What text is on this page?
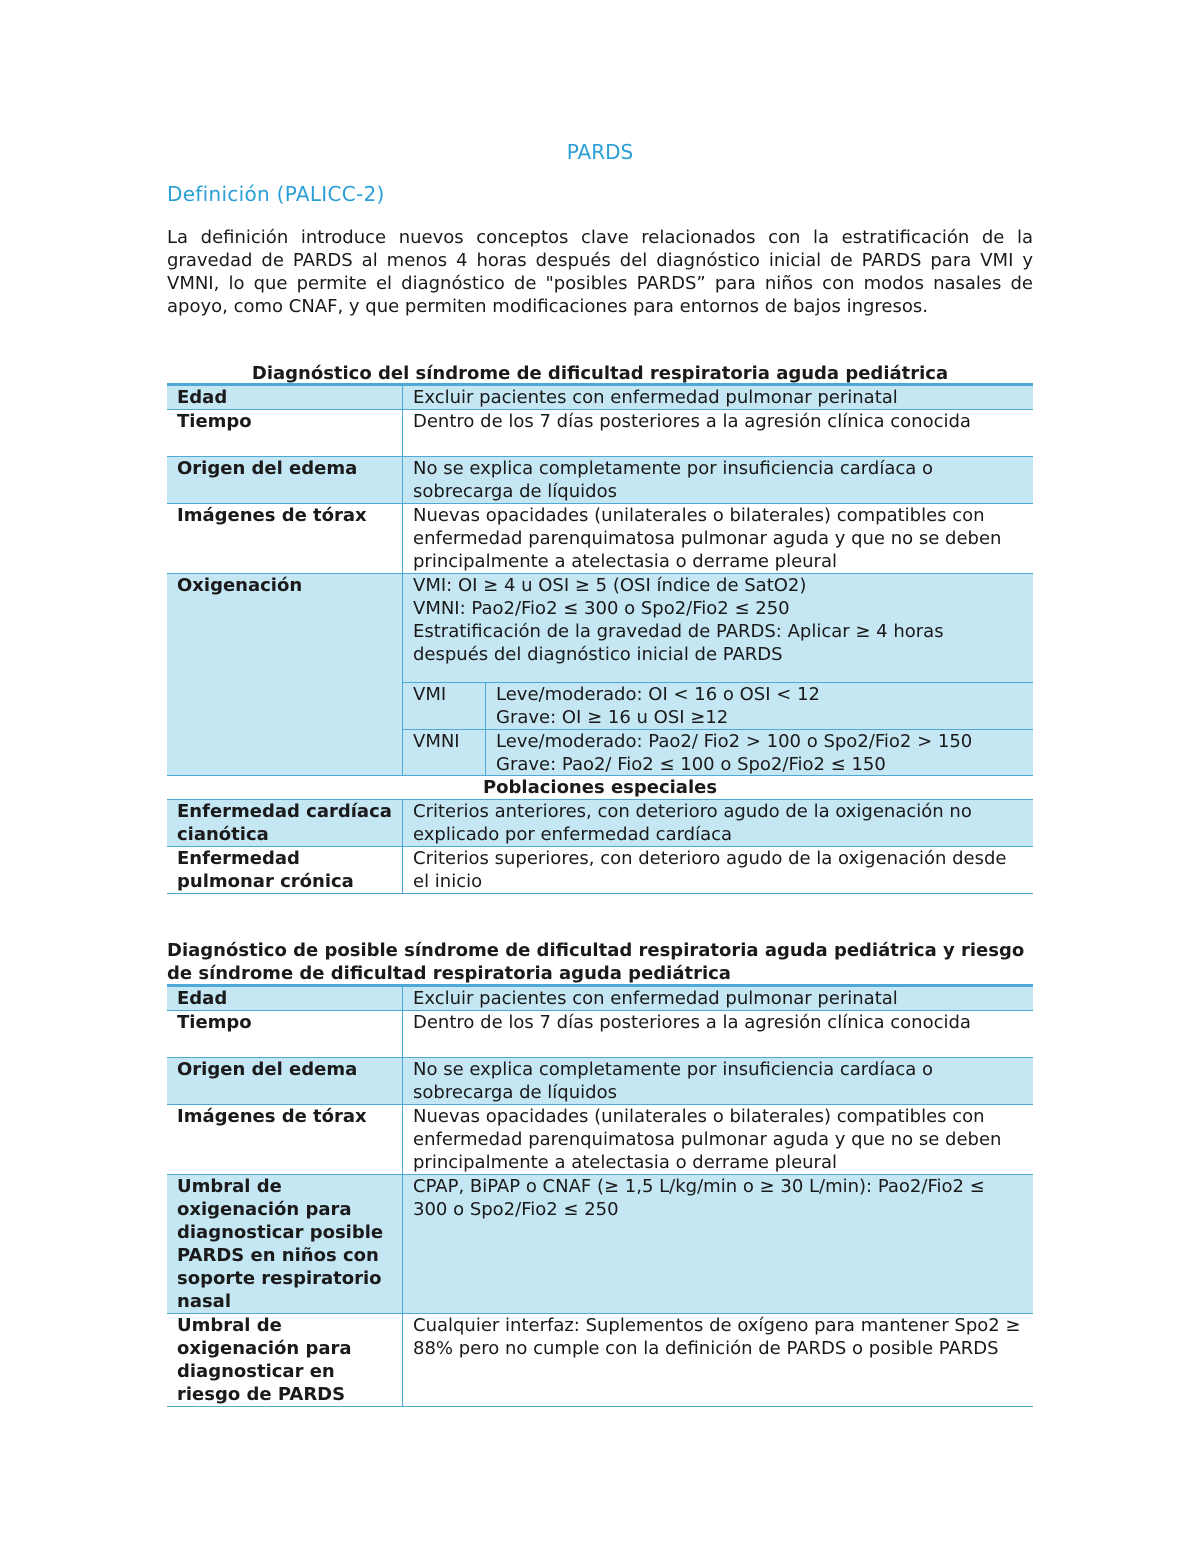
PARDS
Definición (PALICC-2)
La definición introduce nuevos conceptos clave relacionados con la estratificación de la gravedad de PARDS al menos 4 horas después del diagnóstico inicial de PARDS para VMI y VMNI, lo que permite el diagnóstico de "posibles PARDS” para niños con modos nasales de apoyo, como CNAF, y que permiten modificaciones para entornos de bajos ingresos.
Diagnóstico del síndrome de dificultad respiratoria aguda pediátrica
Edad	Excluir pacientes con enfermedad pulmonar perinatal
Tiempo	Dentro de los 7 días posteriores a la agresión clínica conocida
Origen del edema	No se explica completamente por insuficiencia cardíaca o sobrecarga de líquidos
Imágenes de tórax	Nuevas opacidades (unilaterales o bilaterales) compatibles con enfermedad parenquimatosa pulmonar aguda y que no se deben principalmente a atelectasia o derrame pleural
Oxigenación	VMI: OI ≥ 4 u OSI ≥ 5 (OSI índice de SatO2)
VMNI: Pao2/Fio2 ≤ 300 o Spo2/Fio2 ≤ 250
Estratificación de la gravedad de PARDS: Aplicar ≥ 4 horas después del diagnóstico inicial de PARDS
VMI	Leve/moderado: OI < 16 o OSI < 12
Grave: OI ≥ 16 u OSI ≥12

VMNI	Leve/moderado: Pao2/ Fio2 > 100 o Spo2/Fio2 > 150
Grave: Pao2/ Fio2 ≤ 100 o Spo2/Fio2 ≤ 150

Poblaciones especiales
Enfermedad cardíaca cianótica	Criterios anteriores, con deterioro agudo de la oxigenación no explicado por enfermedad cardíaca
Enfermedad pulmonar crónica	Criterios superiores, con deterioro agudo de la oxigenación desde el inicio
Diagnóstico de posible síndrome de dificultad respiratoria aguda pediátrica y riesgo de síndrome de dificultad respiratoria aguda pediátrica
Edad	Excluir pacientes con enfermedad pulmonar perinatal
Tiempo	Dentro de los 7 días posteriores a la agresión clínica conocida
Origen del edema	No se explica completamente por insuficiencia cardíaca o sobrecarga de líquidos
Imágenes de tórax	Nuevas opacidades (unilaterales o bilaterales) compatibles con enfermedad parenquimatosa pulmonar aguda y que no se deben principalmente a atelectasia o derrame pleural
Umbral de oxigenación para diagnosticar posible PARDS en niños con soporte respiratorio nasal	CPAP, BiPAP o CNAF (≥ 1,5 L/kg/min o ≥ 30 L/min): Pao2/Fio2 ≤ 300 o Spo2/Fio2 ≤ 250
Umbral de oxigenación para diagnosticar en riesgo de PARDS	Cualquier interfaz: Suplementos de oxígeno para mantener Spo2 ≥ 88% pero no cumple con la definición de PARDS o posible PARDS
